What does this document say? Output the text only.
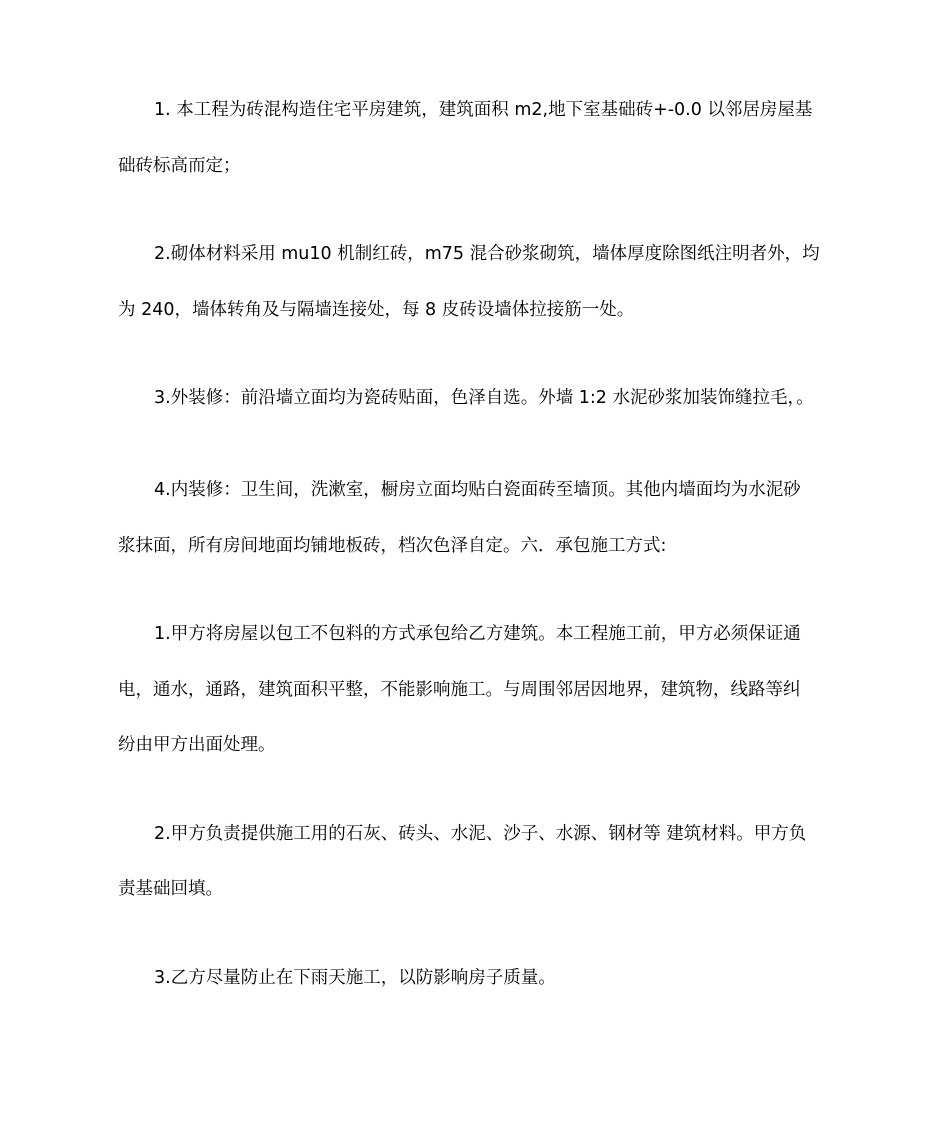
1. 本工程为砖混构造住宅平房建筑，建筑面积 m2,地下室基础砖+-0.0 以邻居房屋基
础砖标高而定；
2.砌体材料采用 mu10 机制红砖，m75 混合砂浆砌筑，墙体厚度除图纸注明者外，均
为 240，墙体转角及与隔墙连接处，每 8 皮砖设墙体拉接筋一处。
3.外装修：前沿墙立面均为瓷砖贴面，色泽自选。外墙 1:2 水泥砂浆加装饰缝拉毛，。
4.内装修：卫生间，洗漱室，橱房立面均贴白瓷面砖至墙顶。其他内墙面均为水泥砂
浆抹面，所有房间地面均铺地板砖，档次色泽自定。六．承包施工方式:
1.甲方将房屋以包工不包料的方式承包给乙方建筑。本工程施工前，甲方必须保证通
电，通水，通路，建筑面积平整，不能影响施工。与周围邻居因地界，建筑物，线路等纠
纷由甲方出面处理。
2.甲方负责提供施工用的石灰、砖头、水泥、沙子、水源、钢材等 建筑材料。甲方负
责基础回填。
3.乙方尽量防止在下雨天施工，以防影响房子质量。
